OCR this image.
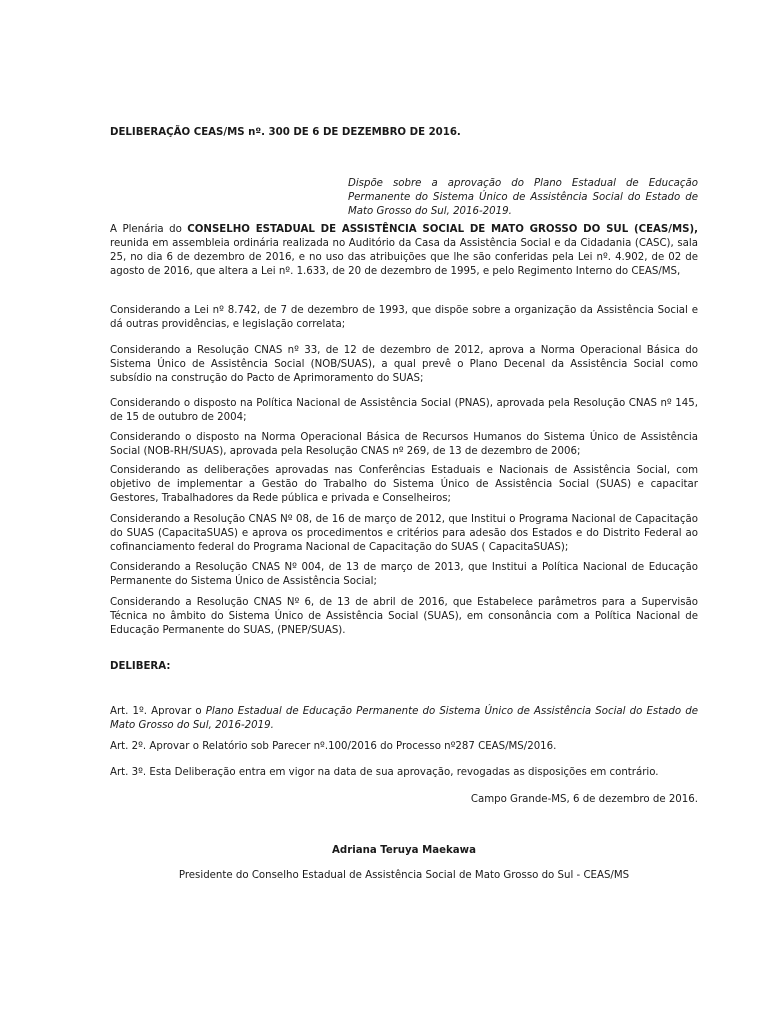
DELIBERAÇÃO CEAS/MS nº. 300 DE 6 DE DEZEMBRO DE 2016.
Dispõe sobre a aprovação do Plano Estadual de Educação Permanente do Sistema Único de Assistência Social do Estado de Mato Grosso do Sul, 2016-2019.
A Plenária do CONSELHO ESTADUAL DE ASSISTÊNCIA SOCIAL DE MATO GROSSO DO SUL (CEAS/MS), reunida em assembleia ordinária realizada no Auditório da Casa da Assistência Social e da Cidadania (CASC), sala 25, no dia 6 de dezembro de 2016, e no uso das atribuições que lhe são conferidas pela Lei nº. 4.902, de 02 de agosto de 2016, que altera a Lei nº. 1.633, de 20 de dezembro de 1995, e pelo Regimento Interno do CEAS/MS,

Considerando a Lei nº 8.742, de 7 de dezembro de 1993, que dispõe sobre a organização da Assistência Social e dá outras providências, e legislação correlata;

Considerando a Resolução CNAS nº 33, de 12 de dezembro de 2012, aprova a Norma Operacional Básica do Sistema Único de Assistência Social (NOB/SUAS), a qual prevê o Plano Decenal da Assistência Social como subsídio na construção do Pacto de Aprimoramento do SUAS;

Considerando o disposto na Política Nacional de Assistência Social (PNAS), aprovada pela Resolução CNAS nº 145, de 15 de outubro de 2004;

Considerando o disposto na Norma Operacional Básica de Recursos Humanos do Sistema Único de Assistência Social (NOB-RH/SUAS), aprovada pela Resolução CNAS nº 269, de 13 de dezembro de 2006;

Considerando as deliberações aprovadas nas Conferências Estaduais e Nacionais de Assistência Social, com objetivo de implementar a Gestão do Trabalho do Sistema Único de Assistência Social (SUAS) e capacitar Gestores, Trabalhadores da Rede pública e privada e Conselheiros;

Considerando a Resolução CNAS Nº 08, de 16 de março de 2012, que Institui o Programa Nacional de Capacitação do SUAS (CapacitaSUAS) e aprova os procedimentos e critérios para adesão dos Estados e do Distrito Federal ao cofinanciamento federal do Programa Nacional de Capacitação do SUAS ( CapacitaSUAS);

Considerando a Resolução CNAS Nº 004, de 13 de março de 2013, que Institui a Política Nacional de Educação Permanente do Sistema Único de Assistência Social;

Considerando a Resolução CNAS Nº 6, de 13 de abril de 2016, que Estabelece parâmetros para a Supervisão Técnica no âmbito do Sistema Único de Assistência Social (SUAS), em consonância com a Política Nacional de Educação Permanente do SUAS, (PNEP/SUAS).

DELIBERA:

Art. 1º. Aprovar o Plano Estadual de Educação Permanente do Sistema Único de Assistência Social do Estado de Mato Grosso do Sul, 2016-2019.

Art. 2º. Aprovar o Relatório sob Parecer nº.100/2016 do Processo nº287 CEAS/MS/2016.

Art. 3º. Esta Deliberação entra em vigor na data de sua aprovação, revogadas as disposições em contrário.

Campo Grande-MS, 6 de dezembro de 2016.
Adriana Teruya Maekawa
Presidente do Conselho Estadual de Assistência Social de Mato Grosso do Sul - CEAS/MS
